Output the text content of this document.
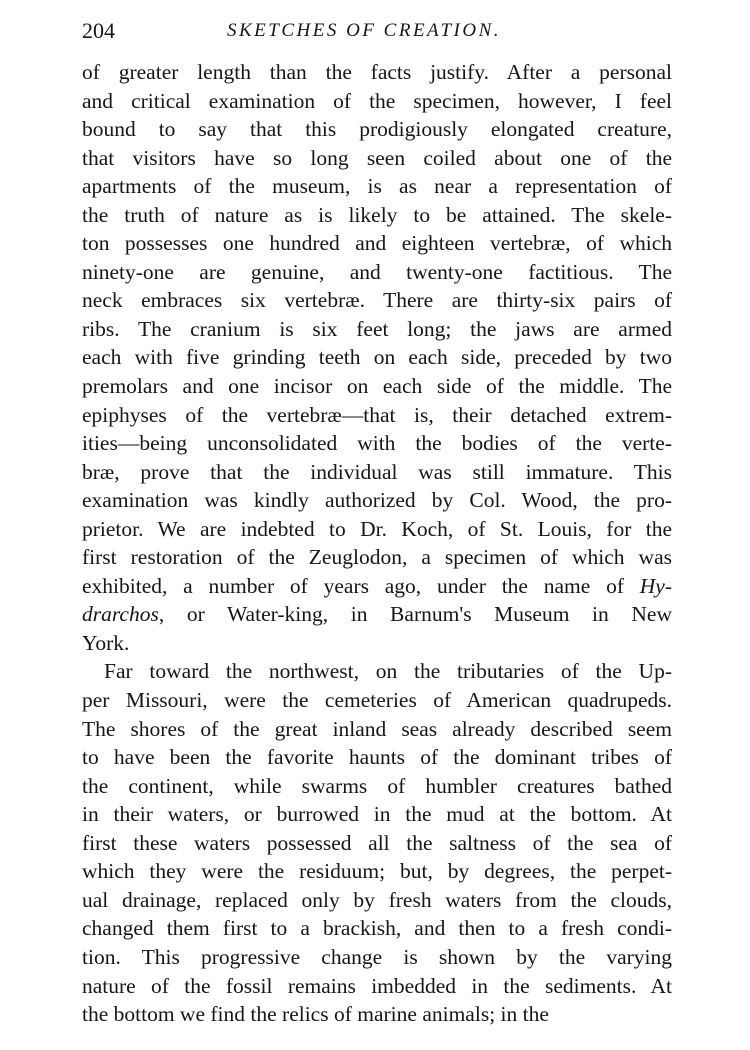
204	SKETCHES OF CREATION.
of greater length than the facts justify. After a personal
and critical examination of the specimen, however, I feel
bound to say that this prodigiously elongated creature,
that visitors have so long seen coiled about one of the
apartments of the museum, is as near a representation of
the truth of nature as is likely to be attained. The skele-
ton possesses one hundred and eighteen vertebræ, of which
ninety-one are genuine, and twenty-one factitious. The
neck embraces six vertebræ. There are thirty-six pairs of
ribs. The cranium is six feet long; the jaws are armed
each with five grinding teeth on each side, preceded by two
premolars and one incisor on each side of the middle. The
epiphyses of the vertebræ—that is, their detached extrem-
ities—being unconsolidated with the bodies of the verte-
bræ, prove that the individual was still immature. This
examination was kindly authorized by Col. Wood, the pro-
prietor. We are indebted to Dr. Koch, of St. Louis, for the
first restoration of the Zeuglodon, a specimen of which was
exhibited, a number of years ago, under the name of Hy-
drarchos, or Water-king, in Barnum's Museum in New
York.
Far toward the northwest, on the tributaries of the Up-
per Missouri, were the cemeteries of American quadrupeds.
The shores of the great inland seas already described seem
to have been the favorite haunts of the dominant tribes of
the continent, while swarms of humbler creatures bathed
in their waters, or burrowed in the mud at the bottom. At
first these waters possessed all the saltness of the sea of
which they were the residuum; but, by degrees, the perpet-
ual drainage, replaced only by fresh waters from the clouds,
changed them first to a brackish, and then to a fresh condi-
tion. This progressive change is shown by the varying
nature of the fossil remains imbedded in the sediments. At
the bottom we find the relics of marine animals; in the
